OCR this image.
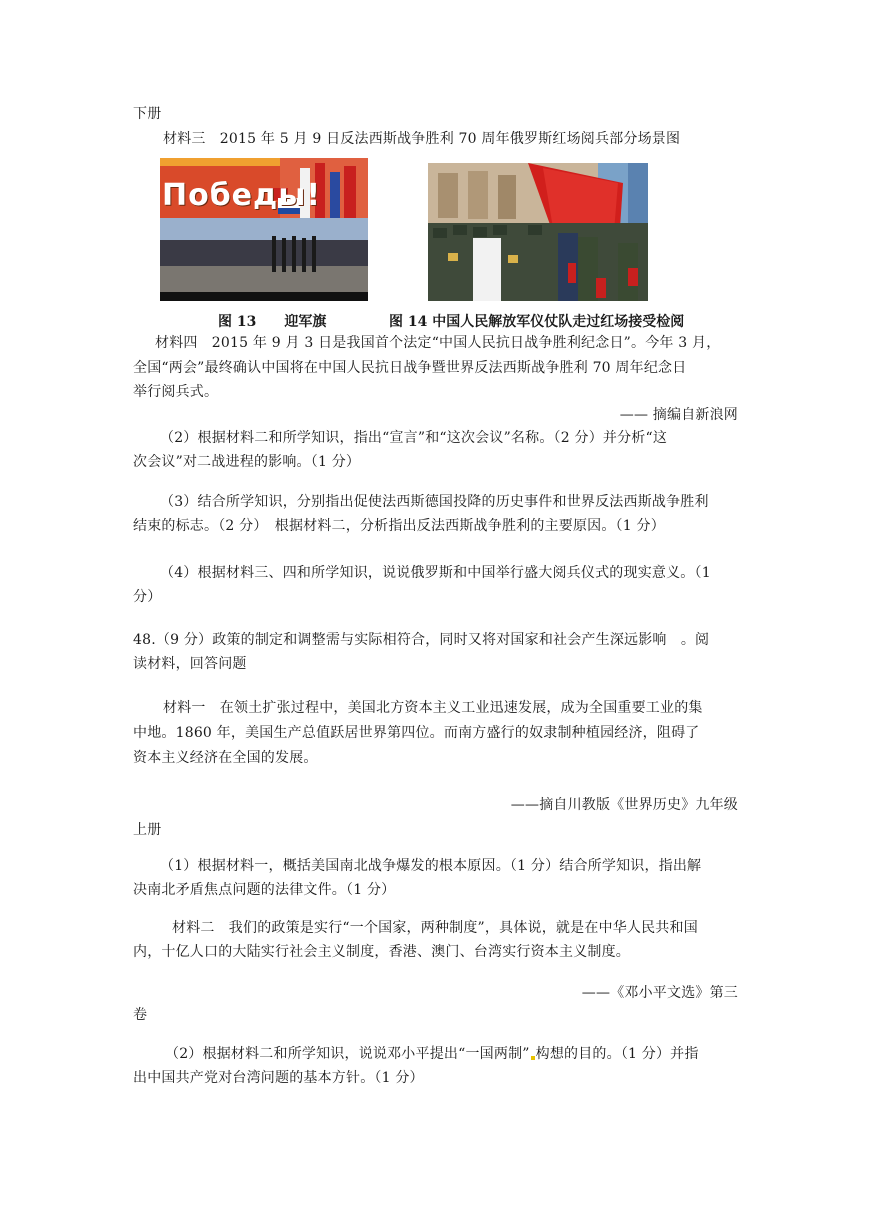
下册
材料三　2015 年 5 月 9 日反法西斯战争胜利 70 周年俄罗斯红场阅兵部分场景图
Победы!
图 13　　迎军旗	图 14 中国人民解放军仪仗队走过红场接受检阅
材料四　2015 年 9 月 3 日是我国首个法定“中国人民抗日战争胜利纪念日”。今年 3 月，
全国“两会”最终确认中国将在中国人民抗日战争暨世界反法西斯战争胜利 70 周年纪念日
举行阅兵式。
—— 摘编自新浪网
（2）根据材料二和所学知识，指出“宣言”和“这次会议”名称。（2 分）并分析“这
次会议”对二战进程的影响。（1 分）
（3）结合所学知识，分别指出促使法西斯德国投降的历史事件和世界反法西斯战争胜利
结束的标志。（2 分）　根据材料二，分析指出反法西斯战争胜利的主要原因。（1 分）
（4）根据材料三、四和所学知识，说说俄罗斯和中国举行盛大阅兵仪式的现实意义。（1
分）
48.（9 分）政策的制定和调整需与实际相符合，同时又将对国家和社会产生深远影响　。阅
读材料，回答问题
材料一　在领土扩张过程中，美国北方资本主义工业迅速发展，成为全国重要工业的集
中地。1860 年，美国生产总值跃居世界第四位。而南方盛行的奴隶制种植园经济，阻碍了
资本主义经济在全国的发展。
——摘自川教版《世界历史》九年级
上册
（1）根据材料一，概括美国南北战争爆发的根本原因。（1 分）结合所学知识，指出解
决南北矛盾焦点问题的法律文件。（1 分）
材料二　我们的政策是实行“一个国家，两种制度”，具体说，就是在中华人民共和国
内，十亿人口的大陆实行社会主义制度，香港、澳门、台湾实行资本主义制度。
——《邓小平文选》第三
卷
（2）根据材料二和所学知识，说说邓小平提出“一国两制” 构想的目的。（1 分）并指
出中国共产党对台湾问题的基本方针。（1 分）
